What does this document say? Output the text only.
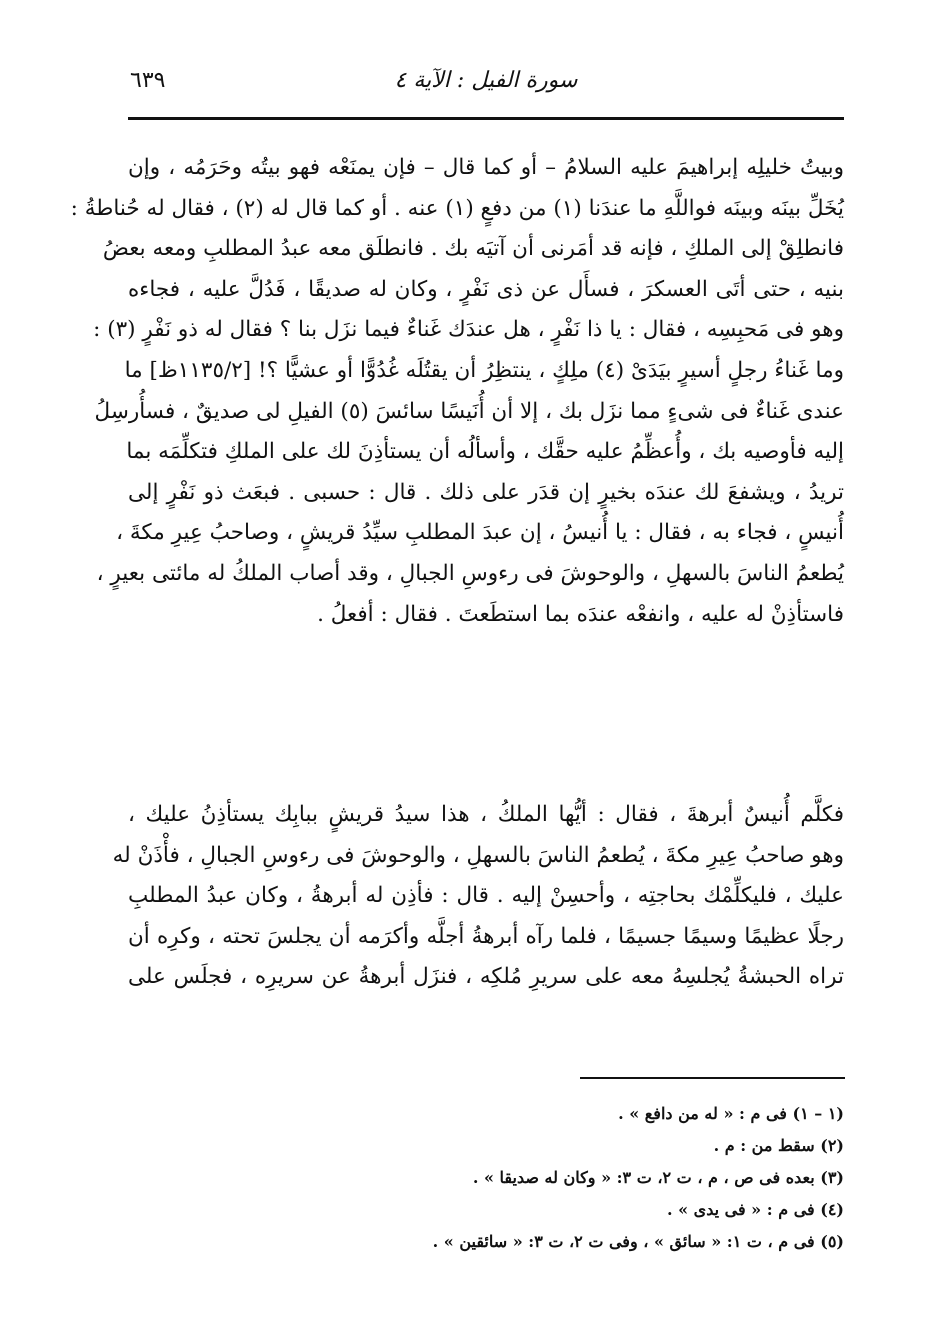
سورة الفيل : الآية ٤
٦٣٩
وبيتُ خليلِه إبراهيمَ عليه السلامُ – أو كما قال – فإن يمنَعْه فهو بيتُه وحَرَمُه ، وإن
يُخَلِّ بينَه وبينَه فواللَّهِ ما عندَنا (١) من دفعٍ (١) عنه . أو كما قال له (٢) ، فقال له حُناطةُ :
فانطلِقْ إلى الملكِ ، فإنه قد أمَرنى أن آتيَه بك . فانطلَق معه عبدُ المطلبِ ومعه بعضُ
بنيه ، حتى أتَى العسكرَ ، فسأَل عن ذى نَفْرٍ ، وكان له صديقًا ، فَدُلَّ عليه ، فجاءه
وهو فى مَحبِسِه ، فقال : يا ذا نَفْرٍ ، هل عندَك غَناءٌ فيما نزَل بنا ؟ فقال له ذو نَفْرٍ (٣) :
وما غَناءُ رجلٍ أسيرٍ بيَدَىْ (٤) ملِكٍ ، ينتظِرُ أن يقتُلَه غُدُوًّا أو عشيًّا ؟! [١١٣٥/٢ظ] ما
عندى غَناءٌ فى شىءٍ مما نزَل بك ، إلا أن أُنَيسًا سائسَ (٥) الفيلِ لى صديقٌ ، فسأُرسِلُ
إليه فأوصيه بك ، وأُعظِّمُ عليه حقَّك ، وأسألُه أن يستأذِنَ لك على الملكِ فتكلِّمَه بما
تريدُ ، ويشفعَ لك عندَه بخيرٍ إن قدَر على ذلك . قال : حسبى . فبعَث ذو نَفْرٍ إلى
أُنيسٍ ، فجاء به ، فقال : يا أُنيسُ ، إن عبدَ المطلبِ سيِّدُ قريشٍ ، وصاحبُ عِيرِ مكةَ ،
يُطعمُ الناسَ بالسهلِ ، والوحوشَ فى رءوسِ الجبالِ ، وقد أصاب الملكُ له مائتى بعيرٍ ،
فاستأذِنْ له عليه ، وانفعْه عندَه بما استطَعتَ . فقال : أفعلُ .
فكلَّم أُنيسٌ أبرهةَ ، فقال : أيُّها الملكُ ، هذا سيدُ قريشٍ ببابِك يستأذِنُ عليك ،
وهو صاحبُ عِيرِ مكةَ ، يُطعمُ الناسَ بالسهلِ ، والوحوشَ فى رءوسِ الجبالِ ، فأْذَنْ له
عليك ، فليكلِّمْك بحاجتِه ، وأحسِنْ إليه . قال : فأذِن له أبرهةُ ، وكان عبدُ المطلبِ
رجلًا عظيمًا وسيمًا جسيمًا ، فلما رآه أبرهةُ أجلَّه وأكرَمه أن يجلسَ تحته ، وكرِه أن
تراه الحبشةُ يُجلسِهُ معه على سريرِ مُلكِه ، فنزَل أبرهةُ عن سريرِه ، فجلَس على
(١ – ١) فى م : « له من دافع » .
(٢) سقط من : م .
(٣) بعده فى ص ، م ، ت ٢، ت ٣: « وكان له صديقا » .
(٤) فى م : « فى يدى » .
(٥) فى م ، ت ١: « سائق » ، وفى ت ٢، ت ٣: « سائقين » .
